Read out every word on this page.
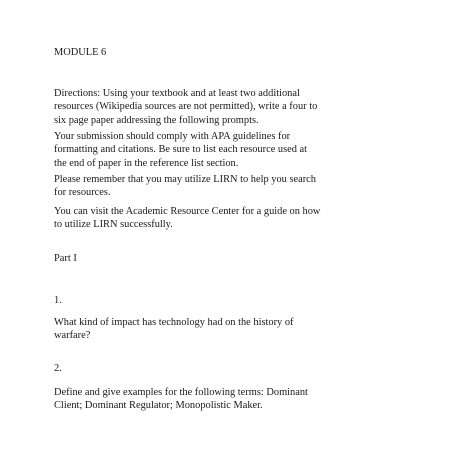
MODULE 6

Directions: Using your textbook and at least two additional
resources (Wikipedia sources are not permitted), write a four to
six page paper addressing the following prompts.

Your submission should comply with APA guidelines for
formatting and citations. Be sure to list each resource used at
the end of paper in the reference list section.

Please remember that you may utilize LIRN to help you search
for resources.

You can visit the Academic Resource Center for a guide on how
to utilize LIRN successfully.

Part I

1.

What kind of impact has technology had on the history of
warfare?

2.

Define and give examples for the following terms: Dominant
Client; Dominant Regulator; Monopolistic Maker.
